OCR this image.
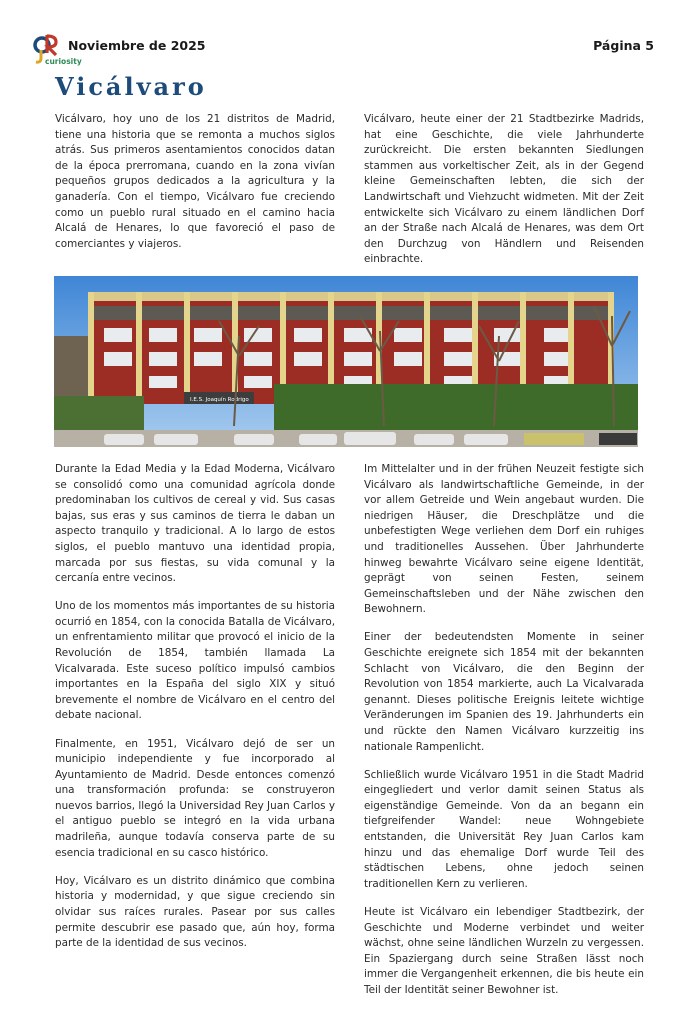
curiosity
Noviembre de 2025	Página 5
Vicálvaro

Vicálvaro, hoy uno de los 21 distritos de Madrid, tiene una historia que se remonta a muchos siglos atrás. Sus primeros asentamientos conocidos datan de la época prerromana, cuando en la zona vivían pequeños grupos dedicados a la agricultura y la ganadería. Con el tiempo, Vicálvaro fue creciendo como un pueblo rural situado en el camino hacia Alcalá de Henares, lo que favoreció el paso de comerciantes y viajeros.

Vicálvaro, heute einer der 21 Stadtbezirke Madrids, hat eine Geschichte, die viele Jahrhunderte zurückreicht. Die ersten bekannten Siedlungen stammen aus vorkeltischer Zeit, als in der Gegend kleine Gemeinschaften lebten, die sich der Landwirtschaft und Viehzucht widmeten. Mit der Zeit entwickelte sich Vicálvaro zu einem ländlichen Dorf an der Straße nach Alcalá de Henares, was dem Ort den Durchzug von Händlern und Reisenden einbrachte.

I.E.S. Joaquín Rodrigo

Durante la Edad Media y la Edad Moderna, Vicálvaro se consolidó como una comunidad agrícola donde predominaban los cultivos de cereal y vid. Sus casas bajas, sus eras y sus caminos de tierra le daban un aspecto tranquilo y tradicional. A lo largo de estos siglos, el pueblo mantuvo una identidad propia, marcada por sus fiestas, su vida comunal y la cercanía entre vecinos.

Uno de los momentos más importantes de su historia ocurrió en 1854, con la conocida Batalla de Vicálvaro, un enfrentamiento militar que provocó el inicio de la Revolución de 1854, también llamada La Vicalvarada. Este suceso político impulsó cambios importantes en la España del siglo XIX y situó brevemente el nombre de Vicálvaro en el centro del debate nacional.

Finalmente, en 1951, Vicálvaro dejó de ser un municipio independiente y fue incorporado al Ayuntamiento de Madrid. Desde entonces comenzó una transformación profunda: se construyeron nuevos barrios, llegó la Universidad Rey Juan Carlos y el antiguo pueblo se integró en la vida urbana madrileña, aunque todavía conserva parte de su esencia tradicional en su casco histórico.

Hoy, Vicálvaro es un distrito dinámico que combina historia y modernidad, y que sigue creciendo sin olvidar sus raíces rurales. Pasear por sus calles permite descubrir ese pasado que, aún hoy, forma parte de la identidad de sus vecinos.

Im Mittelalter und in der frühen Neuzeit festigte sich Vicálvaro als landwirtschaftliche Gemeinde, in der vor allem Getreide und Wein angebaut wurden. Die niedrigen Häuser, die Dreschplätze und die unbefestigten Wege verliehen dem Dorf ein ruhiges und traditionelles Aussehen. Über Jahrhunderte hinweg bewahrte Vicálvaro seine eigene Identität, geprägt von seinen Festen, seinem Gemeinschaftsleben und der Nähe zwischen den Bewohnern.

Einer der bedeutendsten Momente in seiner Geschichte ereignete sich 1854 mit der bekannten Schlacht von Vicálvaro, die den Beginn der Revolution von 1854 markierte, auch La Vicalvarada genannt. Dieses politische Ereignis leitete wichtige Veränderungen im Spanien des 19. Jahrhunderts ein und rückte den Namen Vicálvaro kurzzeitig ins nationale Rampenlicht.

Schließlich wurde Vicálvaro 1951 in die Stadt Madrid eingegliedert und verlor damit seinen Status als eigenständige Gemeinde. Von da an begann ein tiefgreifender Wandel: neue Wohngebiete entstanden, die Universität Rey Juan Carlos kam hinzu und das ehemalige Dorf wurde Teil des städtischen Lebens, ohne jedoch seinen traditionellen Kern zu verlieren.

Heute ist Vicálvaro ein lebendiger Stadtbezirk, der Geschichte und Moderne verbindet und weiter wächst, ohne seine ländlichen Wurzeln zu vergessen. Ein Spaziergang durch seine Straßen lässt noch immer die Vergangenheit erkennen, die bis heute ein Teil der Identität seiner Bewohner ist.
